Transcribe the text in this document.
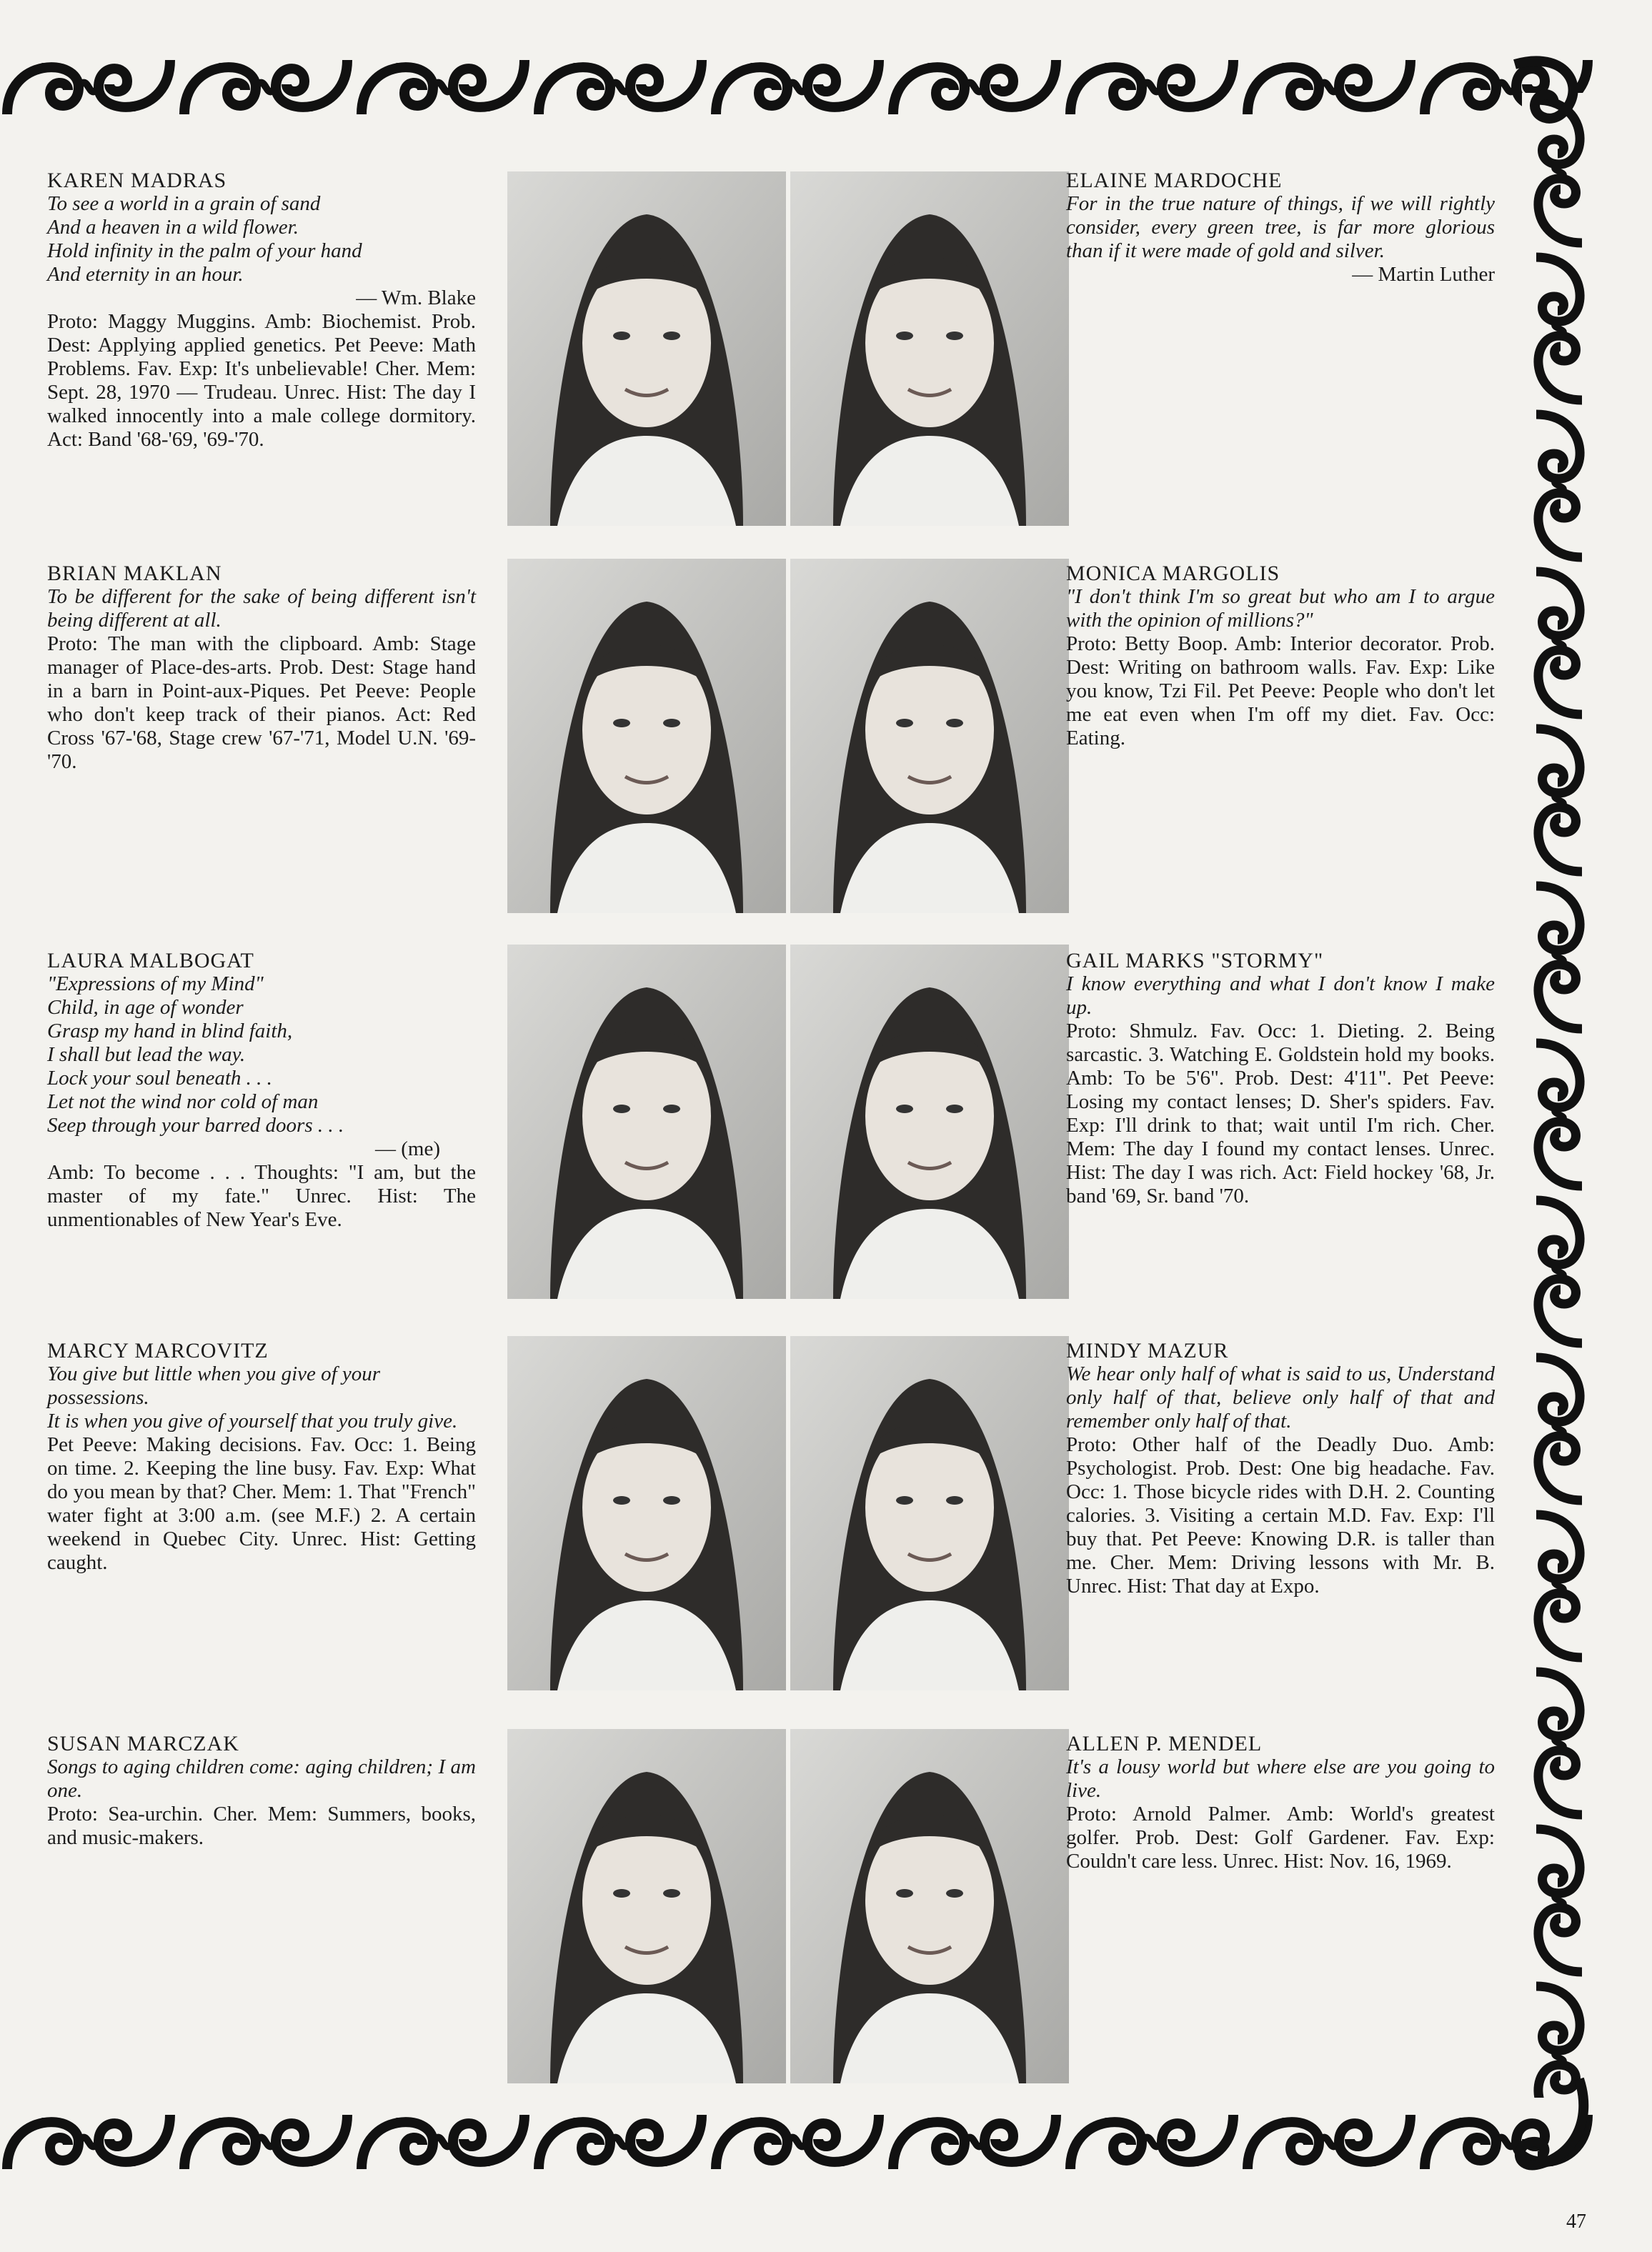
KAREN MADRAS
To see a world in a grain of sand
And a heaven in a wild flower.
Hold infinity in the palm of your hand
And eternity in an hour.
— Wm. Blake
Proto: Maggy Muggins. Amb: Biochemist. Prob. Dest: Applying applied genetics. Pet Peeve: Math Problems. Fav. Exp: It's unbelievable! Cher. Mem: Sept. 28, 1970 — Trudeau. Unrec. Hist: The day I walked innocently into a male college dormitory. Act: Band '68-'69, '69-'70.
BRIAN MAKLAN
To be different for the sake of being different isn't being different at all.
Proto: The man with the clipboard. Amb: Stage manager of Place-des-arts. Prob. Dest: Stage hand in a barn in Point-aux-Piques. Pet Peeve: People who don't keep track of their pianos. Act: Red Cross '67-'68, Stage crew '67-'71, Model U.N. '69-'70.
LAURA MALBOGAT
"Expressions of my Mind"
Child, in age of wonder
Grasp my hand in blind faith,
I shall but lead the way.
Lock your soul beneath . . .
Let not the wind nor cold of man
Seep through your barred doors . . .
— (me)
Amb: To become . . . Thoughts: "I am, but the master of my fate." Unrec. Hist: The unmentionables of New Year's Eve.
MARCY MARCOVITZ
You give but little when you give of your possessions.
It is when you give of yourself that you truly give.
Pet Peeve: Making decisions. Fav. Occ: 1. Being on time. 2. Keeping the line busy. Fav. Exp: What do you mean by that? Cher. Mem: 1. That "French" water fight at 3:00 a.m. (see M.F.) 2. A certain weekend in Quebec City. Unrec. Hist: Getting caught.
SUSAN MARCZAK
Songs to aging children come: aging children; I am one.
Proto: Sea-urchin. Cher. Mem: Summers, books, and music-makers.
ELAINE MARDOCHE
For in the true nature of things, if we will rightly consider, every green tree, is far more glorious than if it were made of gold and silver.
— Martin Luther
MONICA MARGOLIS
"I don't think I'm so great but who am I to argue with the opinion of millions?"
Proto: Betty Boop. Amb: Interior decorator. Prob. Dest: Writing on bathroom walls. Fav. Exp: Like you know, Tzi Fil. Pet Peeve: People who don't let me eat even when I'm off my diet. Fav. Occ: Eating.
GAIL MARKS "STORMY"
I know everything and what I don't know I make up.
Proto: Shmulz. Fav. Occ: 1. Dieting. 2. Being sarcastic. 3. Watching E. Goldstein hold my books. Amb: To be 5'6". Prob. Dest: 4'11". Pet Peeve: Losing my contact lenses; D. Sher's spiders. Fav. Exp: I'll drink to that; wait until I'm rich. Cher. Mem: The day I found my contact lenses. Unrec. Hist: The day I was rich. Act: Field hockey '68, Jr. band '69, Sr. band '70.
MINDY MAZUR
We hear only half of what is said to us, Understand only half of that, believe only half of that and remember only half of that.
Proto: Other half of the Deadly Duo. Amb: Psychologist. Prob. Dest: One big headache. Fav. Occ: 1. Those bicycle rides with D.H. 2. Counting calories. 3. Visiting a certain M.D. Fav. Exp: I'll buy that. Pet Peeve: Knowing D.R. is taller than me. Cher. Mem: Driving lessons with Mr. B. Unrec. Hist: That day at Expo.
ALLEN P. MENDEL
It's a lousy world but where else are you going to live.
Proto: Arnold Palmer. Amb: World's greatest golfer. Prob. Dest: Golf Gardener. Fav. Exp: Couldn't care less. Unrec. Hist: Nov. 16, 1969.
47
